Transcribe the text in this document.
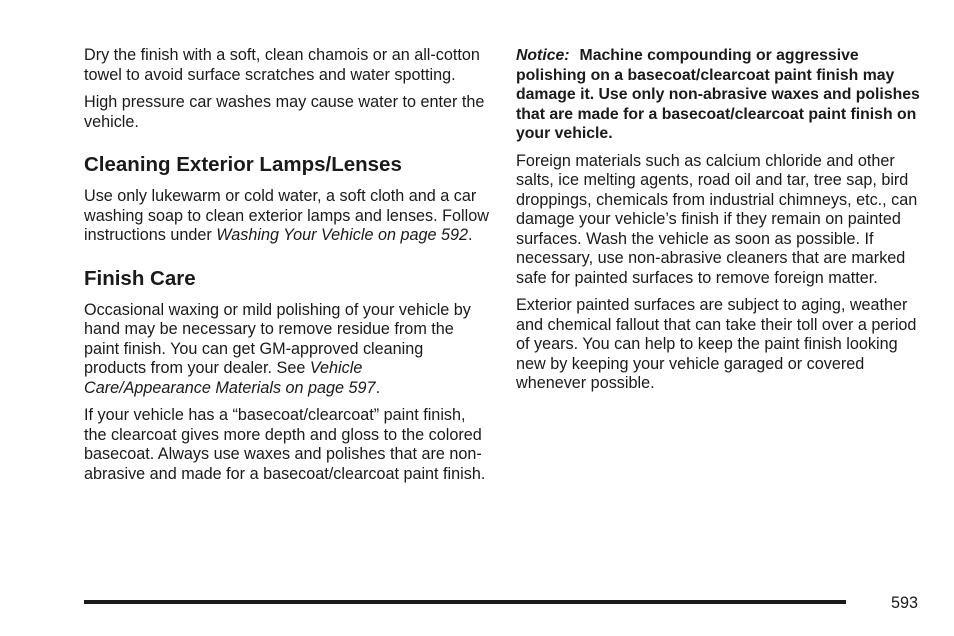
Dry the finish with a soft, clean chamois or an all-cotton towel to avoid surface scratches and water spotting.

High pressure car washes may cause water to enter the vehicle.

Cleaning Exterior Lamps/Lenses

Use only lukewarm or cold water, a soft cloth and a car washing soap to clean exterior lamps and lenses. Follow instructions under Washing Your Vehicle on page 592.

Finish Care

Occasional waxing or mild polishing of your vehicle by hand may be necessary to remove residue from the paint finish. You can get GM-approved cleaning products from your dealer. See Vehicle Care/Appearance Materials on page 597.

If your vehicle has a “basecoat/clearcoat” paint finish, the clearcoat gives more depth and gloss to the colored basecoat. Always use waxes and polishes that are non-abrasive and made for a basecoat/clearcoat paint finish.

Notice: Machine compounding or aggressive polishing on a basecoat/clearcoat paint finish may damage it. Use only non-abrasive waxes and polishes that are made for a basecoat/clearcoat paint finish on your vehicle.

Foreign materials such as calcium chloride and other salts, ice melting agents, road oil and tar, tree sap, bird droppings, chemicals from industrial chimneys, etc., can damage your vehicle’s finish if they remain on painted surfaces. Wash the vehicle as soon as possible. If necessary, use non-abrasive cleaners that are marked safe for painted surfaces to remove foreign matter.

Exterior painted surfaces are subject to aging, weather and chemical fallout that can take their toll over a period of years. You can help to keep the paint finish looking new by keeping your vehicle garaged or covered whenever possible.

593
